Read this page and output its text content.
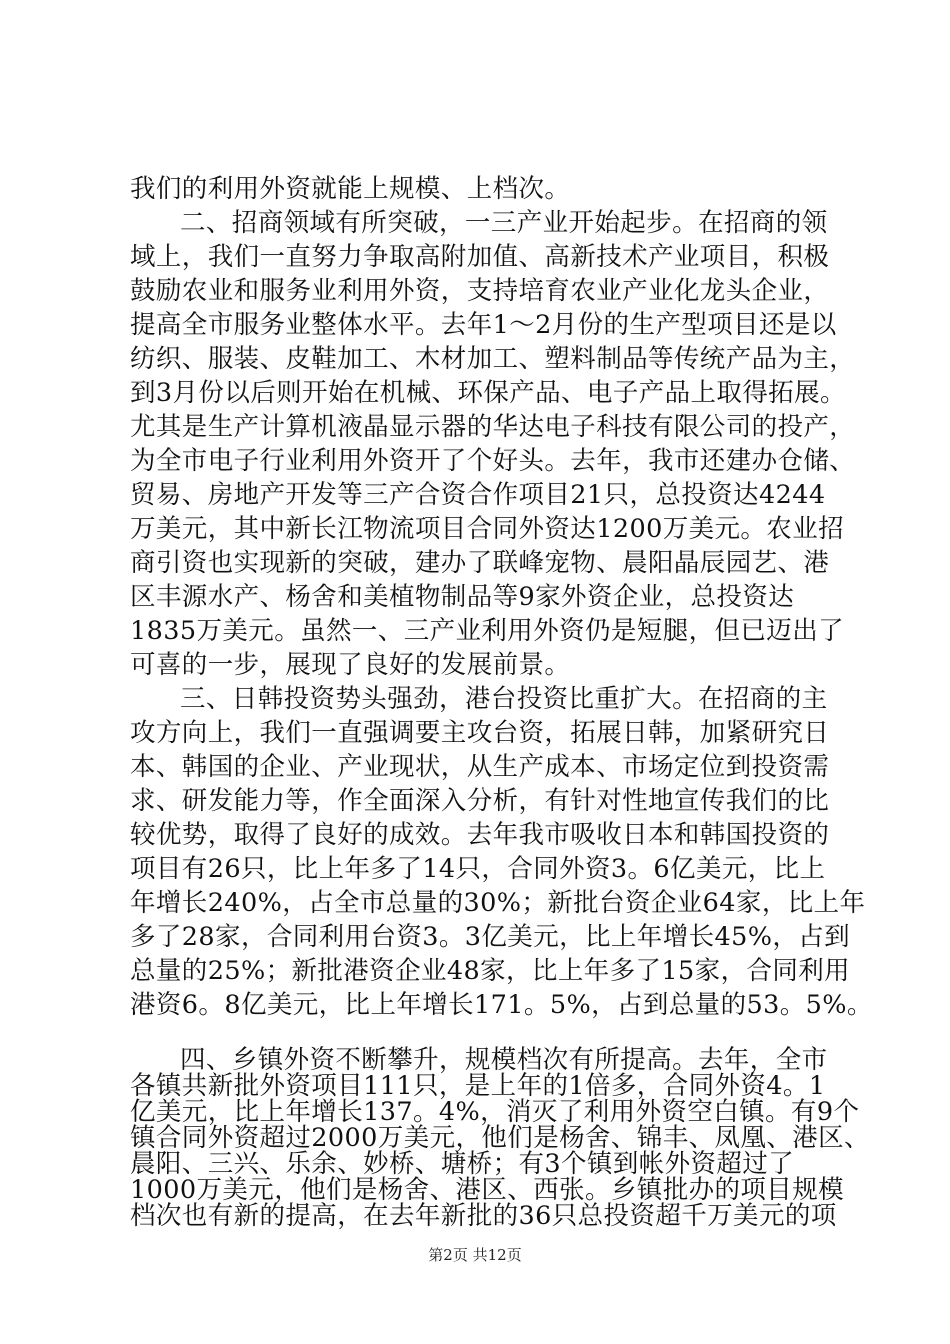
我们的利用外资就能上规模、上档次。
二、招商领域有所突破，一三产业开始起步。在招商的领
域上，我们一直努力争取高附加值、高新技术产业项目，积极
鼓励农业和服务业利用外资，支持培育农业产业化龙头企业，
提高全市服务业整体水平。去年1～2月份的生产型项目还是以
纺织、服装、皮鞋加工、木材加工、塑料制品等传统产品为主，
到3月份以后则开始在机械、环保产品、电子产品上取得拓展。
尤其是生产计算机液晶显示器的华达电子科技有限公司的投产，
为全市电子行业利用外资开了个好头。去年，我市还建办仓储、
贸易、房地产开发等三产合资合作项目21只，总投资达4244
万美元，其中新长江物流项目合同外资达1200万美元。农业招
商引资也实现新的突破，建办了联峰宠物、晨阳晶辰园艺、港
区丰源水产、杨舍和美植物制品等9家外资企业，总投资达
1835万美元。虽然一、三产业利用外资仍是短腿，但已迈出了
可喜的一步，展现了良好的发展前景。
三、日韩投资势头强劲，港台投资比重扩大。在招商的主
攻方向上，我们一直强调要主攻台资，拓展日韩，加紧研究日
本、韩国的企业、产业现状，从生产成本、市场定位到投资需
求、研发能力等，作全面深入分析，有针对性地宣传我们的比
较优势，取得了良好的成效。去年我市吸收日本和韩国投资的
项目有26只，比上年多了14只，合同外资3。6亿美元，比上
年增长240%，占全市总量的30%；新批台资企业64家，比上年
多了28家，合同利用台资3。3亿美元，比上年增长45%，占到
总量的25%；新批港资企业48家，比上年多了15家，合同利用
港资6。8亿美元，比上年增长171。5%，占到总量的53。5%。
四、乡镇外资不断攀升，规模档次有所提高。去年，全市
各镇共新批外资项目111只，是上年的1倍多，合同外资4。1
亿美元，比上年增长137。4%，消灭了利用外资空白镇。有9个
镇合同外资超过2000万美元，他们是杨舍、锦丰、凤凰、港区、
晨阳、三兴、乐余、妙桥、塘桥；有3个镇到帐外资超过了
1000万美元，他们是杨舍、港区、西张。乡镇批办的项目规模
档次也有新的提高，在去年新批的36只总投资超千万美元的项
第2页 共12页
